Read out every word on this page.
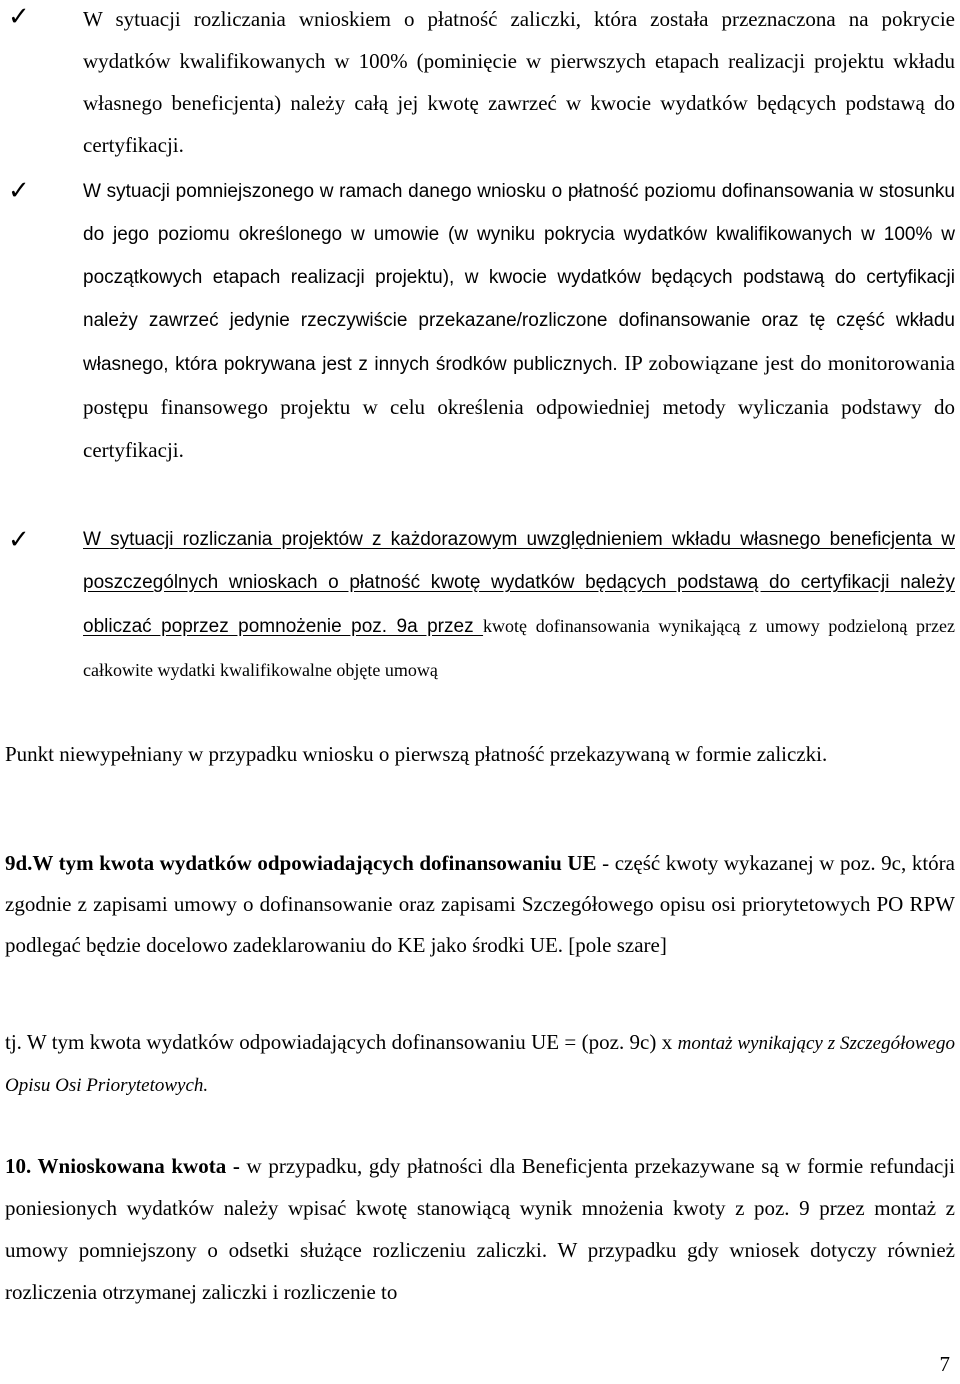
✓	W sytuacji rozliczania wnioskiem o płatność zaliczki, która została przeznaczona na pokrycie wydatków kwalifikowanych w 100% (pominięcie w pierwszych etapach realizacji projektu wkładu własnego beneficjenta) należy całą jej kwotę zawrzeć w kwocie wydatków będących podstawą do certyfikacji.
✓	W sytuacji pomniejszonego w ramach danego wniosku o płatność poziomu dofinansowania w stosunku do jego poziomu określonego w umowie (w wyniku pokrycia wydatków kwalifikowanych w 100% w początkowych etapach realizacji projektu), w kwocie wydatków będących podstawą do certyfikacji należy zawrzeć jedynie rzeczywiście przekazane/rozliczone dofinansowanie oraz tę część wkładu własnego, która pokrywana jest z innych środków publicznych. IP zobowiązane jest do monitorowania postępu finansowego projektu w celu określenia odpowiedniej metody wyliczania podstawy do certyfikacji.
✓	W sytuacji rozliczania projektów z każdorazowym uwzględnieniem wkładu własnego beneficjenta w poszczególnych wnioskach o płatność kwotę wydatków będących podstawą do certyfikacji należy obliczać poprzez pomnożenie poz. 9a przez kwotę dofinansowania wynikającą z umowy podzieloną przez całkowite wydatki kwalifikowalne objęte umową
Punkt niewypełniany w przypadku wniosku o pierwszą płatność przekazywaną w formie zaliczki.
9d.W tym kwota wydatków odpowiadających dofinansowaniu UE - część kwoty wykazanej w poz. 9c, która zgodnie z zapisami umowy o dofinansowanie oraz zapisami Szczegółowego opisu osi priorytetowych PO RPW podlegać będzie docelowo zadeklarowaniu do KE jako środki UE. [pole szare]
tj. W tym kwota wydatków odpowiadających dofinansowaniu UE = (poz. 9c) x montaż wynikający z Szczegółowego Opisu Osi Priorytetowych.
10. Wnioskowana kwota - w przypadku, gdy płatności dla Beneficjenta przekazywane są w formie refundacji poniesionych wydatków należy wpisać kwotę stanowiącą wynik mnożenia kwoty z poz. 9 przez montaż z umowy pomniejszony o odsetki służące rozliczeniu zaliczki. W przypadku gdy wniosek dotyczy również rozliczenia otrzymanej zaliczki i rozliczenie to
7
